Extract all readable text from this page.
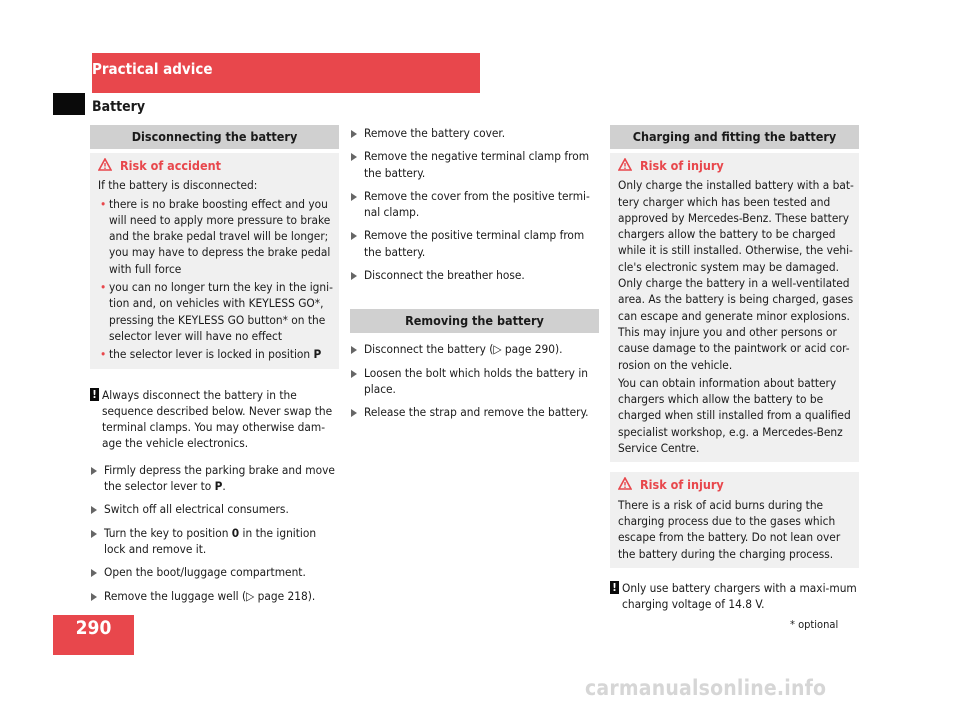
Practical advice
Battery
Disconnecting the battery
Risk of accident
If the battery is disconnected:
• there is no brake boosting effect and you will need to apply more pressure to brake and the brake pedal travel will be longer; you may have to depress the brake pedal with full force
• you can no longer turn the key in the igni-tion and, on vehicles with KEYLESS GO*, pressing the KEYLESS GO button* on the selector lever will have no effect
• the selector lever is locked in position P
! Always disconnect the battery in the sequence described below. Never swap the terminal clamps. You may otherwise dam-age the vehicle electronics.
Firmly depress the parking brake and move the selector lever to P.
Switch off all electrical consumers.
Turn the key to position 0 in the ignition lock and remove it.
Open the boot/luggage compartment.
Remove the luggage well (▷ page 218).
Remove the battery cover.
Remove the negative terminal clamp from the battery.
Remove the cover from the positive termi-nal clamp.
Remove the positive terminal clamp from the battery.
Disconnect the breather hose.
Removing the battery
Disconnect the battery (▷ page 290).
Loosen the bolt which holds the battery in place.
Release the strap and remove the battery.
Charging and fitting the battery
Risk of injury
Only charge the installed battery with a bat-tery charger which has been tested and approved by Mercedes-Benz. These battery chargers allow the battery to be charged while it is still installed. Otherwise, the vehi-cle's electronic system may be damaged. Only charge the battery in a well-ventilated area. As the battery is being charged, gases can escape and generate minor explosions. This may injure you and other persons or cause damage to the paintwork or acid cor-rosion on the vehicle.
You can obtain information about battery chargers which allow the battery to be charged when still installed from a qualified specialist workshop, e.g. a Mercedes-Benz Service Centre.
Risk of injury
There is a risk of acid burns during the charging process due to the gases which escape from the battery. Do not lean over the battery during the charging process.
! Only use battery chargers with a maxi-mum charging voltage of 14.8 V.
290	* optional
carmanualsonline.info
